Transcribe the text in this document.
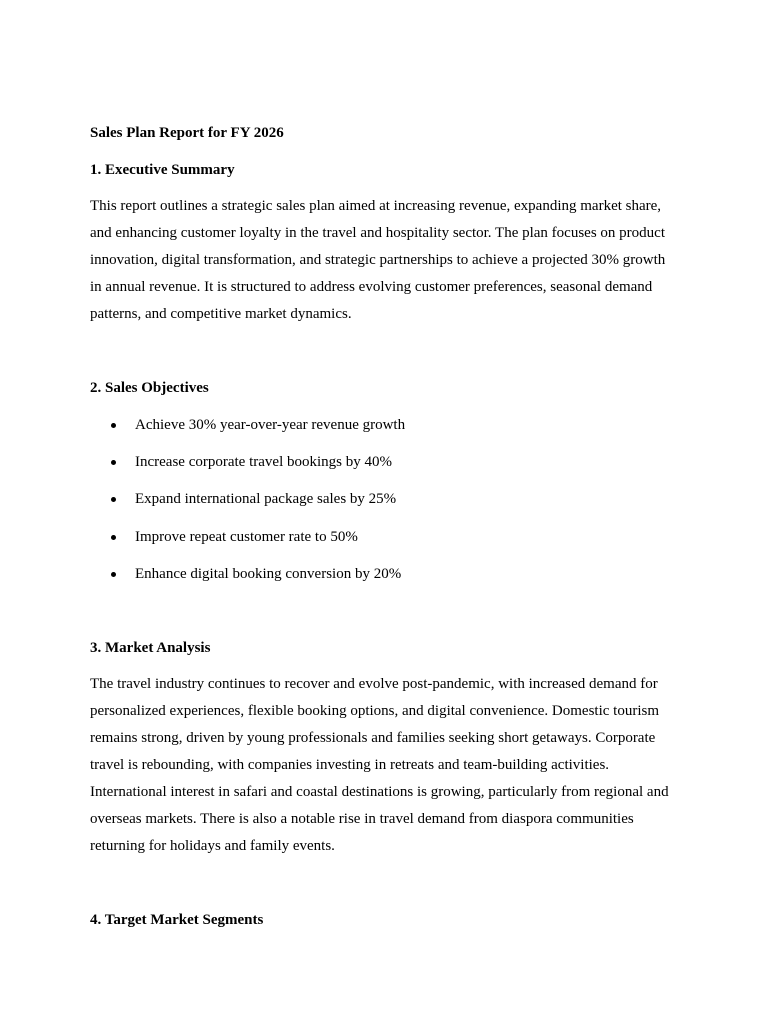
Sales Plan Report for FY 2026
1. Executive Summary

This report outlines a strategic sales plan aimed at increasing revenue, expanding market share, and enhancing customer loyalty in the travel and hospitality sector. The plan focuses on product innovation, digital transformation, and strategic partnerships to achieve a projected 30% growth in annual revenue. It is structured to address evolving customer preferences, seasonal demand patterns, and competitive market dynamics.

2. Sales Objectives
Achieve 30% year-over-year revenue growth
Increase corporate travel bookings by 40%
Expand international package sales by 25%
Improve repeat customer rate to 50%
Enhance digital booking conversion by 20%
3. Market Analysis

The travel industry continues to recover and evolve post-pandemic, with increased demand for personalized experiences, flexible booking options, and digital convenience. Domestic tourism remains strong, driven by young professionals and families seeking short getaways. Corporate travel is rebounding, with companies investing in retreats and team-building activities. International interest in safari and coastal destinations is growing, particularly from regional and overseas markets. There is also a notable rise in travel demand from diaspora communities returning for holidays and family events.

4. Target Market Segments
